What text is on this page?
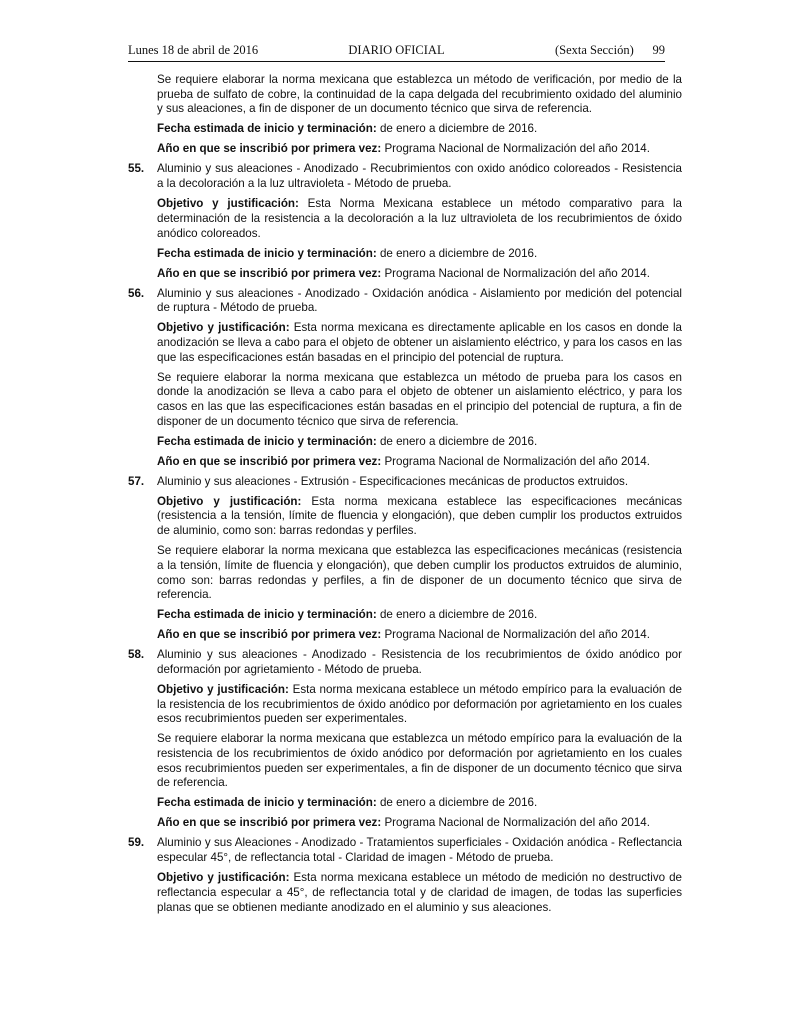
Lunes 18 de abril de 2016	DIARIO OFICIAL	(Sexta Sección)      99

Se requiere elaborar la norma mexicana que establezca un método de verificación, por medio de la prueba de sulfato de cobre, la continuidad de la capa delgada del recubrimiento oxidado del aluminio y sus aleaciones, a fin de disponer de un documento técnico que sirva de referencia.

Fecha estimada de inicio y terminación: de enero a diciembre de 2016.

Año en que se inscribió por primera vez: Programa Nacional de Normalización del año 2014.

55. Aluminio y sus aleaciones - Anodizado - Recubrimientos con oxido anódico coloreados - Resistencia a la decoloración a la luz ultravioleta - Método de prueba.

Objetivo y justificación: Esta Norma Mexicana establece un método comparativo para la determinación de la resistencia a la decoloración a la luz ultravioleta de los recubrimientos de óxido anódico coloreados.

Fecha estimada de inicio y terminación: de enero a diciembre de 2016.

Año en que se inscribió por primera vez: Programa Nacional de Normalización del año 2014.

56. Aluminio y sus aleaciones - Anodizado - Oxidación anódica - Aislamiento por medición del potencial de ruptura - Método de prueba.

Objetivo y justificación: Esta norma mexicana es directamente aplicable en los casos en donde la anodización se lleva a cabo para el objeto de obtener un aislamiento eléctrico, y para los casos en las que las especificaciones están basadas en el principio del potencial de ruptura.

Se requiere elaborar la norma mexicana que establezca un método de prueba para los casos en donde la anodización se lleva a cabo para el objeto de obtener un aislamiento eléctrico, y para los casos en las que las especificaciones están basadas en el principio del potencial de ruptura, a fin de disponer de un documento técnico que sirva de referencia.

Fecha estimada de inicio y terminación: de enero a diciembre de 2016.

Año en que se inscribió por primera vez: Programa Nacional de Normalización del año 2014.

57. Aluminio y sus aleaciones - Extrusión - Especificaciones mecánicas de productos extruidos.

Objetivo y justificación: Esta norma mexicana establece las especificaciones mecánicas (resistencia a la tensión, límite de fluencia y elongación), que deben cumplir los productos extruidos de aluminio, como son: barras redondas y perfiles.

Se requiere elaborar la norma mexicana que establezca las especificaciones mecánicas (resistencia a la tensión, límite de fluencia y elongación), que deben cumplir los productos extruidos de aluminio, como son: barras redondas y perfiles, a fin de disponer de un documento técnico que sirva de referencia.

Fecha estimada de inicio y terminación: de enero a diciembre de 2016.

Año en que se inscribió por primera vez: Programa Nacional de Normalización del año 2014.

58. Aluminio y sus aleaciones - Anodizado - Resistencia de los recubrimientos de óxido anódico por deformación por agrietamiento - Método de prueba.

Objetivo y justificación: Esta norma mexicana establece un método empírico para la evaluación de la resistencia de los recubrimientos de óxido anódico por deformación por agrietamiento en los cuales esos recubrimientos pueden ser experimentales.

Se requiere elaborar la norma mexicana que establezca un método empírico para la evaluación de la resistencia de los recubrimientos de óxido anódico por deformación por agrietamiento en los cuales esos recubrimientos pueden ser experimentales, a fin de disponer de un documento técnico que sirva de referencia.

Fecha estimada de inicio y terminación: de enero a diciembre de 2016.

Año en que se inscribió por primera vez: Programa Nacional de Normalización del año 2014.

59. Aluminio y sus Aleaciones - Anodizado - Tratamientos superficiales - Oxidación anódica - Reflectancia especular 45°, de reflectancia total - Claridad de imagen - Método de prueba.

Objetivo y justificación: Esta norma mexicana establece un método de medición no destructivo de reflectancia especular a 45°, de reflectancia total y de claridad de imagen, de todas las superficies planas que se obtienen mediante anodizado en el aluminio y sus aleaciones.
